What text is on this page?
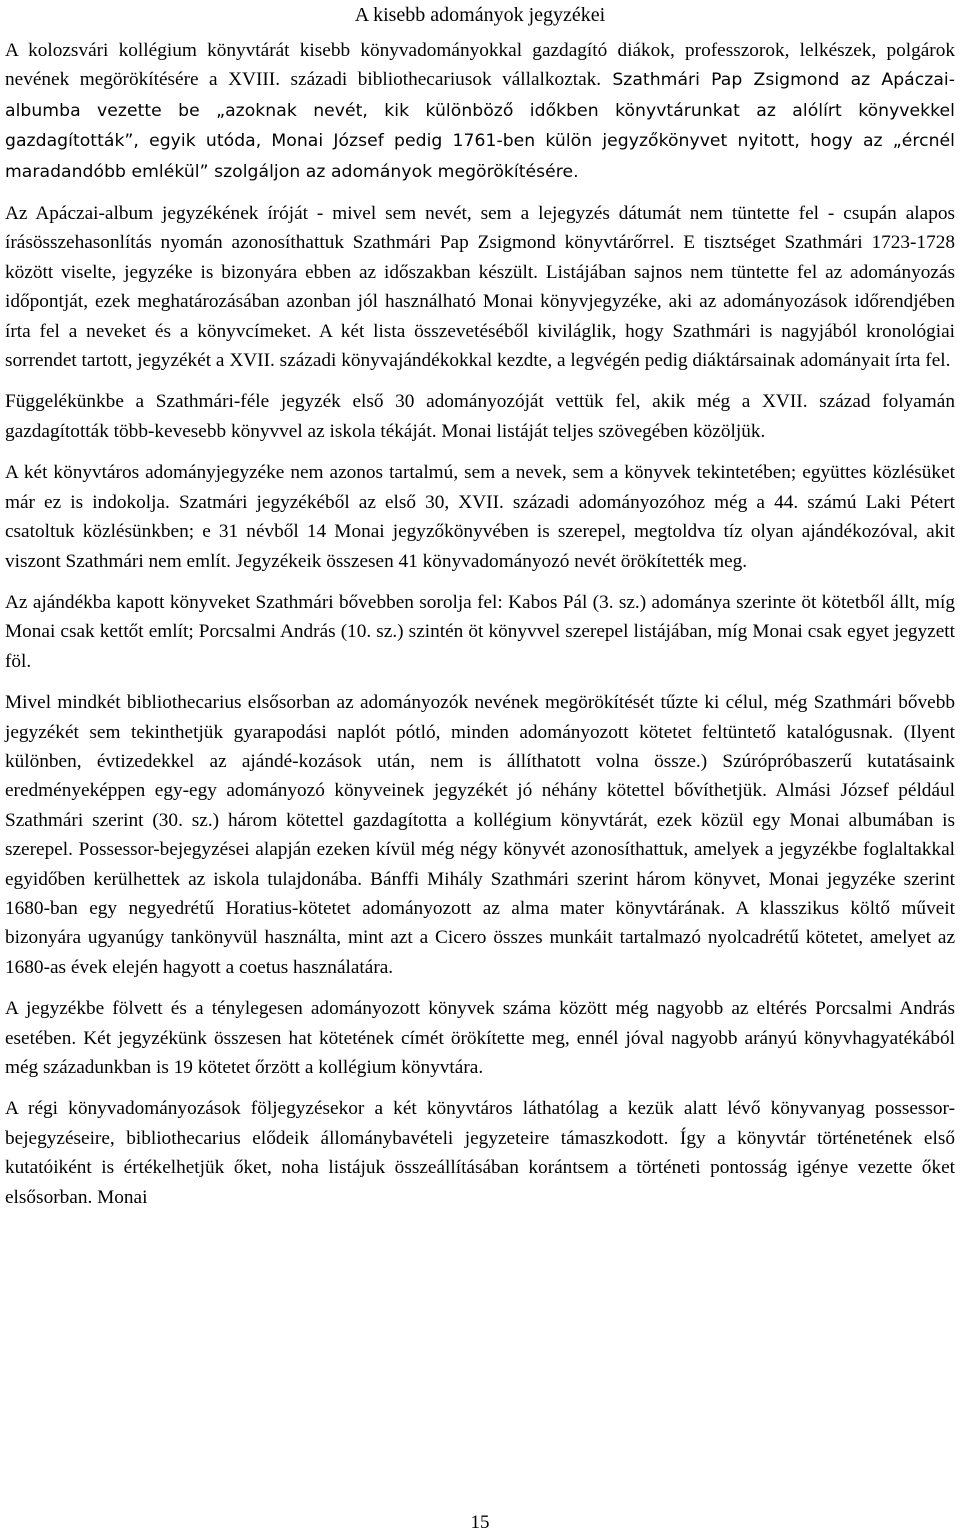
A kisebb adományok jegyzékei

A kolozsvári kollégium könyvtárát kisebb könyvadományokkal gazdagító diákok, professzorok, lelkészek, polgárok nevének megörökítésére a XVIII. századi bibliothecariusok vállalkoztak. Szathmári Pap Zsigmond az Apáczai-albumba vezette be „azoknak nevét, kik különböző időkben könyvtárunkat az alólírt könyvekkel gazdagították”, egyik utóda, Monai József pedig 1761-ben külön jegyzőkönyvet nyitott, hogy az „ércnél maradandóbb emlékül” szolgáljon az adományok megörökítésére.

Az Apáczai-album jegyzékének íróját - mivel sem nevét, sem a lejegyzés dátumát nem tüntette fel - csupán alapos írásösszehasonlítás nyomán azonosíthattuk Szathmári Pap Zsigmond könyvtárőrrel. E tisztséget Szathmári 1723-1728 között viselte, jegyzéke is bizonyára ebben az időszakban készült. Listájában sajnos nem tüntette fel az adományozás időpontját, ezek meghatározásában azonban jól használható Monai könyvjegyzéke, aki az adományozások időrendjében írta fel a neveket és a könyvcímeket. A két lista összevetéséből kiviláglik, hogy Szathmári is nagyjából kronológiai sorrendet tartott, jegyzékét a XVII. századi könyvajándékokkal kezdte, a legvégén pedig diáktársainak adományait írta fel.

Függelékünkbe a Szathmári-féle jegyzék első 30 adományozóját vettük fel, akik még a XVII. század folyamán gazdagították több-kevesebb könyvvel az iskola tékáját. Monai listáját teljes szövegében közöljük.

A két könyvtáros adományjegyzéke nem azonos tartalmú, sem a nevek, sem a könyvek tekintetében; együttes közlésüket már ez is indokolja. Szatmári jegyzékéből az első 30, XVII. századi adományozóhoz még a 44. számú Laki Pétert csatoltuk közlésünkben; e 31 névből 14 Monai jegyzőkönyvében is szerepel, megtoldva tíz olyan ajándékozóval, akit viszont Szathmári nem említ. Jegyzékeik összesen 41 könyvadományozó nevét örökítették meg.

Az ajándékba kapott könyveket Szathmári bővebben sorolja fel: Kabos Pál (3. sz.) adománya szerinte öt kötetből állt, míg Monai csak kettőt említ; Porcsalmi András (10. sz.) szintén öt könyvvel szerepel listájában, míg Monai csak egyet jegyzett föl.

Mivel mindkét bibliothecarius elsősorban az adományozók nevének megörökítését tűzte ki célul, még Szathmári bővebb jegyzékét sem tekinthetjük gyarapodási naplót pótló, minden adományozott kötetet feltüntető katalógusnak. (Ilyent különben, évtizedekkel az ajándé-kozások után, nem is állíthatott volna össze.) Szúrópróbaszerű kutatásaink eredményeképpen egy-egy adományozó könyveinek jegyzékét jó néhány kötettel bővíthetjük. Almási József például Szathmári szerint (30. sz.) három kötettel gazdagította a kollégium könyvtárát, ezek közül egy Monai albumában is szerepel. Possessor-bejegyzései alapján ezeken kívül még négy könyvét azonosíthattuk, amelyek a jegyzékbe foglaltakkal egyidőben kerülhettek az iskola tulajdonába. Bánffi Mihály Szathmári szerint három könyvet, Monai jegyzéke szerint 1680-ban egy negyedrétű Horatius-kötetet adományozott az alma mater könyvtárának. A klasszikus költő műveit bizonyára ugyanúgy tankönyvül használta, mint azt a Cicero összes munkáit tartalmazó nyolcadrétű kötetet, amelyet az 1680-as évek elején hagyott a coetus használatára.

A jegyzékbe fölvett és a ténylegesen adományozott könyvek száma között még nagyobb az eltérés Porcsalmi András esetében. Két jegyzékünk összesen hat kötetének címét örökítette meg, ennél jóval nagyobb arányú könyvhagyatékából még századunkban is 19 kötetet őrzött a kollégium könyvtára.

A régi könyvadományozások följegyzésekor a két könyvtáros láthatólag a kezük alatt lévő könyvanyag possessor-bejegyzéseire, bibliothecarius elődeik állománybavételi jegyzeteire támaszkodott. Így a könyvtár történetének első kutatóiként is értékelhetjük őket, noha listájuk összeállításában korántsem a történeti pontosság igénye vezette őket elsősorban. Monai

15
